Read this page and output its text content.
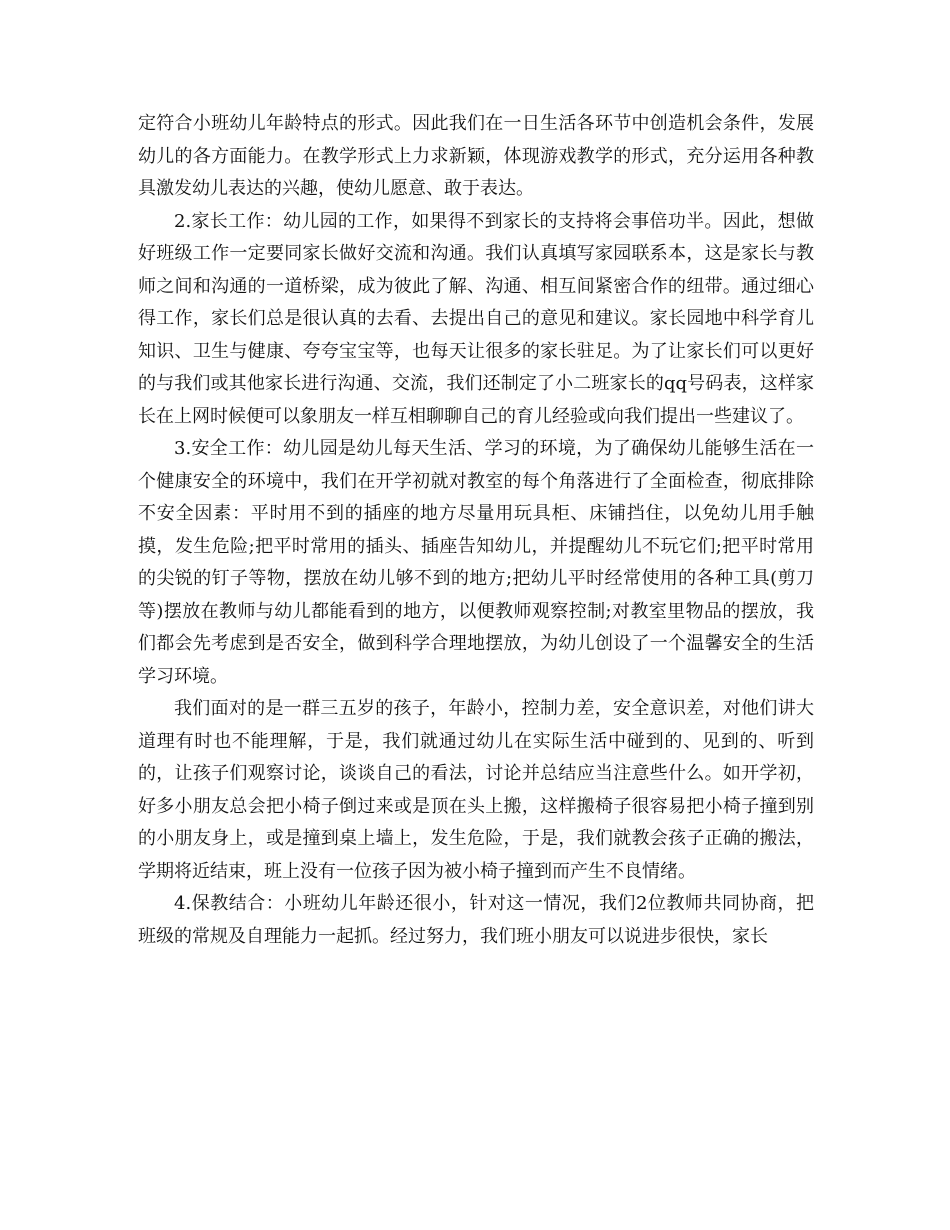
定符合小班幼儿年龄特点的形式。因此我们在一日生活各环节中创造机会条件，发展幼儿的各方面能力。在教学形式上力求新颖，体现游戏教学的形式，充分运用各种教具激发幼儿表达的兴趣，使幼儿愿意、敢于表达。

2.家长工作：幼儿园的工作，如果得不到家长的支持将会事倍功半。因此，想做好班级工作一定要同家长做好交流和沟通。我们认真填写家园联系本，这是家长与教师之间和沟通的一道桥梁，成为彼此了解、沟通、相互间紧密合作的纽带。通过细心得工作，家长们总是很认真的去看、去提出自己的意见和建议。家长园地中科学育儿知识、卫生与健康、夸夸宝宝等，也每天让很多的家长驻足。为了让家长们可以更好的与我们或其他家长进行沟通、交流，我们还制定了小二班家长的qq号码表，这样家长在上网时候便可以象朋友一样互相聊聊自己的育儿经验或向我们提出一些建议了。

3.安全工作：幼儿园是幼儿每天生活、学习的环境，为了确保幼儿能够生活在一个健康安全的环境中，我们在开学初就对教室的每个角落进行了全面检查，彻底排除不安全因素：平时用不到的插座的地方尽量用玩具柜、床铺挡住，以免幼儿用手触摸，发生危险;把平时常用的插头、插座告知幼儿，并提醒幼儿不玩它们;把平时常用的尖锐的钉子等物，摆放在幼儿够不到的地方;把幼儿平时经常使用的各种工具(剪刀等)摆放在教师与幼儿都能看到的地方，以便教师观察控制;对教室里物品的摆放，我们都会先考虑到是否安全，做到科学合理地摆放，为幼儿创设了一个温馨安全的生活学习环境。

我们面对的是一群三五岁的孩子，年龄小，控制力差，安全意识差，对他们讲大道理有时也不能理解，于是，我们就通过幼儿在实际生活中碰到的、见到的、听到的，让孩子们观察讨论，谈谈自己的看法，讨论并总结应当注意些什么。如开学初，好多小朋友总会把小椅子倒过来或是顶在头上搬，这样搬椅子很容易把小椅子撞到别的小朋友身上，或是撞到桌上墙上，发生危险，于是，我们就教会孩子正确的搬法，学期将近结束，班上没有一位孩子因为被小椅子撞到而产生不良情绪。

4.保教结合：小班幼儿年龄还很小，针对这一情况，我们2位教师共同协商，把班级的常规及自理能力一起抓。经过努力，我们班小朋友可以说进步很快，家长
